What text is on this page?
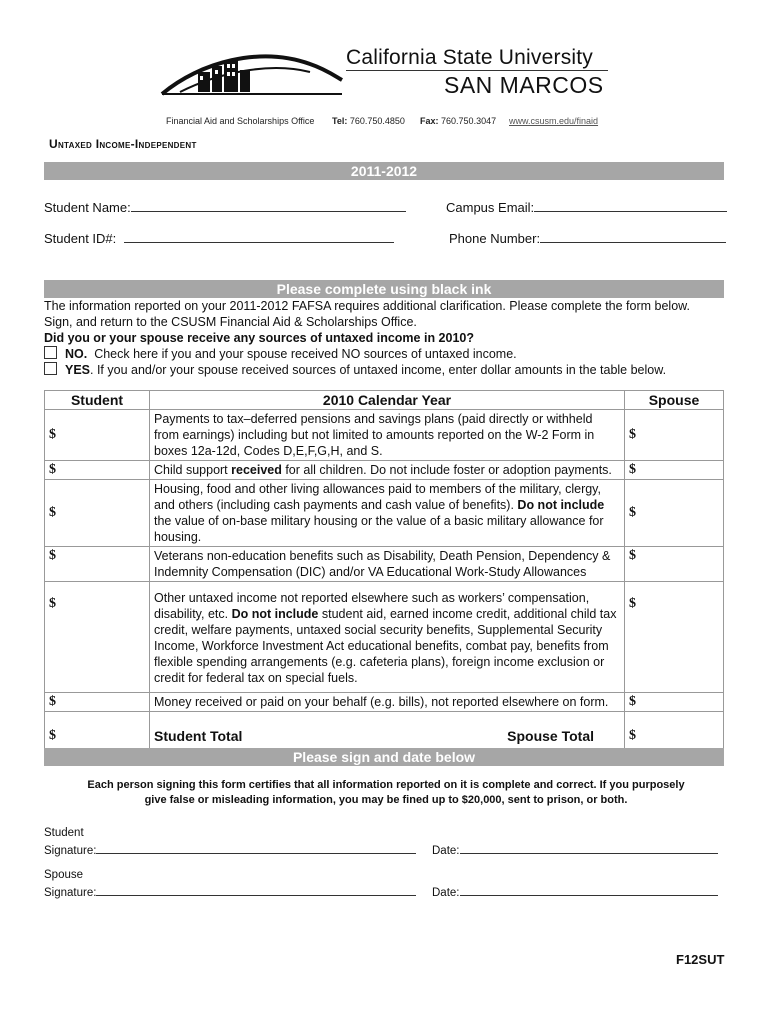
California State University
SAN MARCOS
Financial Aid and Scholarships Office Tel: 760.750.4850 Fax: 760.750.3047 www.csusm.edu/finaid
Untaxed Income-Independent
2011-2012
Student Name:	Campus Email:
Student ID#:	Phone Number:
Please complete using black ink
The information reported on your 2011-2012 FAFSA requires additional clarification. Please complete the form below.
Sign, and return to the CSUSM Financial Aid & Scholarships Office.
Did you or your spouse receive any sources of untaxed income in 2010?
NO. Check here if you and your spouse received NO sources of untaxed income.
YES. If you and/or your spouse received sources of untaxed income, enter dollar amounts in the table below.
Student	2010 Calendar Year	Spouse
$	Payments to tax–deferred pensions and savings plans (paid directly or withheld from earnings) including but not limited to amounts reported on the W-2 Form in boxes 12a-12d, Codes D,E,F,G,H, and S.	$
$	Child support received for all children. Do not include foster or adoption payments.	$
$	Housing, food and other living allowances paid to members of the military, clergy, and others (including cash payments and cash value of benefits). Do not include the value of on-base military housing or the value of a basic military allowance for housing.	$
$	Veterans non-education benefits such as Disability, Death Pension, Dependency & Indemnity Compensation (DIC) and/or VA Educational Work-Study Allowances	$
$	Other untaxed income not reported elsewhere such as workers’ compensation, disability, etc. Do not include student aid, earned income credit, additional child tax credit, welfare payments, untaxed social security benefits, Supplemental Security Income, Workforce Investment Act educational benefits, combat pay, benefits from flexible spending arrangements (e.g. cafeteria plans), foreign income exclusion or credit for federal tax on special fuels.	$
$	Money received or paid on your behalf (e.g. bills), not reported elsewhere on form.	$
$	Student Total Spouse Total	$
Please sign and date below
Each person signing this form certifies that all information reported on it is complete and correct. If you purposely
give false or misleading information, you may be fined up to $20,000, sent to prison, or both.
Student
Signature:	Date:
Spouse
Signature:	Date:
F12SUT
